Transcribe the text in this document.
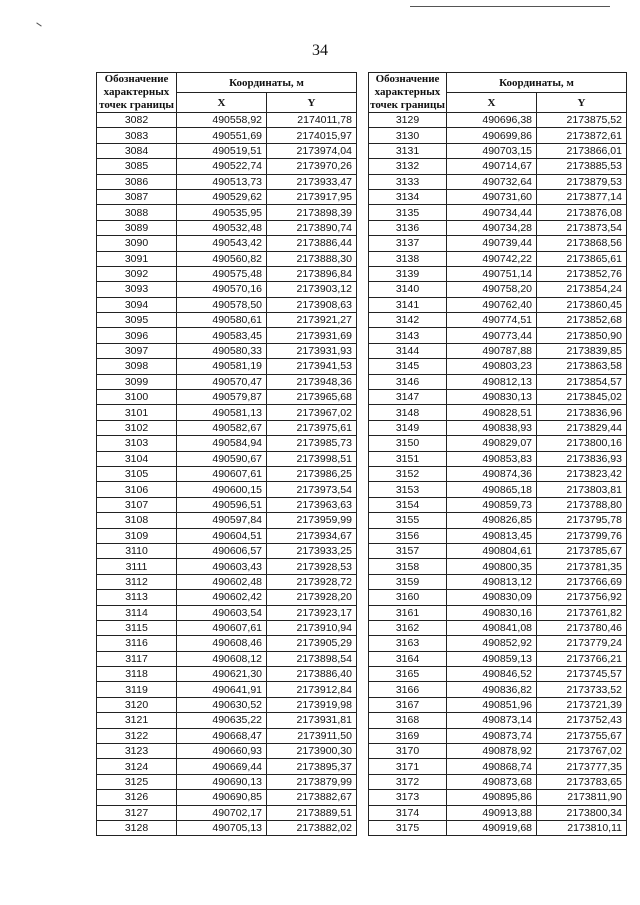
34
Обозначение характерных точек границы	Координаты, м	
	X	Y
3082	490558,92	2174011,78
3083	490551,69	2174015,97
3084	490519,51	2173974,04
3085	490522,74	2173970,26
3086	490513,73	2173933,47
3087	490529,62	2173917,95
3088	490535,95	2173898,39
3089	490532,48	2173890,74
3090	490543,42	2173886,44
3091	490560,82	2173888,30
3092	490575,48	2173896,84
3093	490570,16	2173903,12
3094	490578,50	2173908,63
3095	490580,61	2173921,27
3096	490583,45	2173931,69
3097	490580,33	2173931,93
3098	490581,19	2173941,53
3099	490570,47	2173948,36
3100	490579,87	2173965,68
3101	490581,13	2173967,02
3102	490582,67	2173975,61
3103	490584,94	2173985,73
3104	490590,67	2173998,51
3105	490607,61	2173986,25
3106	490600,15	2173973,54
3107	490596,51	2173963,63
3108	490597,84	2173959,99
3109	490604,51	2173934,67
3110	490606,57	2173933,25
3111	490603,43	2173928,53
3112	490602,48	2173928,72
3113	490602,42	2173928,20
3114	490603,54	2173923,17
3115	490607,61	2173910,94
3116	490608,46	2173905,29
3117	490608,12	2173898,54
3118	490621,30	2173886,40
3119	490641,91	2173912,84
3120	490630,52	2173919,98
3121	490635,22	2173931,81
3122	490668,47	2173911,50
3123	490660,93	2173900,30
3124	490669,44	2173895,37
3125	490690,13	2173879,99
3126	490690,85	2173882,67
3127	490702,17	2173889,51
3128	490705,13	2173882,02
Обозначение характерных точек границы	Координаты, м	
	X	Y
3129	490696,38	2173875,52
3130	490699,86	2173872,61
3131	490703,15	2173866,01
3132	490714,67	2173885,53
3133	490732,64	2173879,53
3134	490731,60	2173877,14
3135	490734,44	2173876,08
3136	490734,28	2173873,54
3137	490739,44	2173868,56
3138	490742,22	2173865,61
3139	490751,14	2173852,76
3140	490758,20	2173854,24
3141	490762,40	2173860,45
3142	490774,51	2173852,68
3143	490773,44	2173850,90
3144	490787,88	2173839,85
3145	490803,23	2173863,58
3146	490812,13	2173854,57
3147	490830,13	2173845,02
3148	490828,51	2173836,96
3149	490838,93	2173829,44
3150	490829,07	2173800,16
3151	490853,83	2173836,93
3152	490874,36	2173823,42
3153	490865,18	2173803,81
3154	490859,73	2173788,80
3155	490826,85	2173795,78
3156	490813,45	2173799,76
3157	490804,61	2173785,67
3158	490800,35	2173781,35
3159	490813,12	2173766,69
3160	490830,09	2173756,92
3161	490830,16	2173761,82
3162	490841,08	2173780,46
3163	490852,92	2173779,24
3164	490859,13	2173766,21
3165	490846,52	2173745,57
3166	490836,82	2173733,52
3167	490851,96	2173721,39
3168	490873,14	2173752,43
3169	490873,74	2173755,67
3170	490878,92	2173767,02
3171	490868,74	2173777,35
3172	490873,68	2173783,65
3173	490895,86	2173811,90
3174	490913,88	2173800,34
3175	490919,68	2173810,11
